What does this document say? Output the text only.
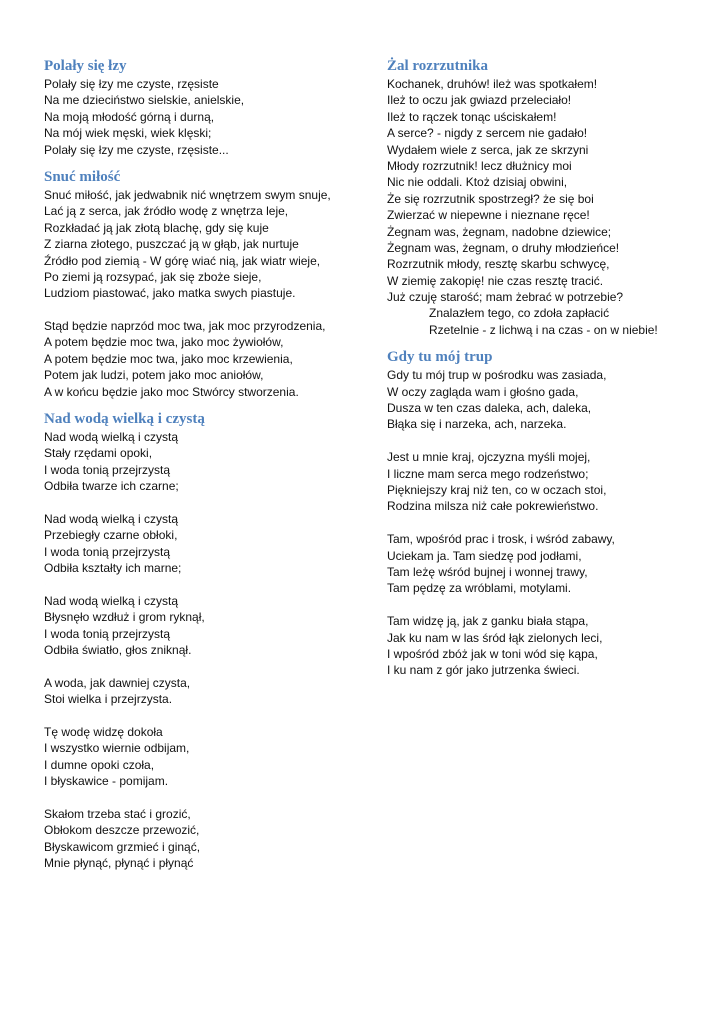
Polały się łzy
Polały się łzy me czyste, rzęsiste
Na me dzieciństwo sielskie, anielskie,
Na moją młodość górną i durną,
Na mój wiek męski, wiek klęski;
Polały się łzy me czyste, rzęsiste...
Snuć miłość
Snuć miłość, jak jedwabnik nić wnętrzem swym snuje,
Lać ją z serca, jak źródło wodę z wnętrza leje,
Rozkładać ją jak złotą blachę, gdy się kuje
Z ziarna złotego, puszczać ją w głąb, jak nurtuje
Źródło pod ziemią - W górę wiać nią, jak wiatr wieje,
Po ziemi ją rozsypać, jak się zboże sieje,
Ludziom piastować, jako matka swych piastuje.
Stąd będzie naprzód moc twa, jak moc przyrodzenia,
A potem będzie moc twa, jako moc żywiołów,
A potem będzie moc twa, jako moc krzewienia,
Potem jak ludzi, potem jako moc aniołów,
A w końcu będzie jako moc Stwórcy stworzenia.
Nad wodą wielką i czystą
Nad wodą wielką i czystą
Stały rzędami opoki,
I woda tonią przejrzystą
Odbiła twarze ich czarne;
Nad wodą wielką i czystą
Przebiegły czarne obłoki,
I woda tonią przejrzystą
Odbiła kształty ich marne;
Nad wodą wielką i czystą
Błysnęło wzdłuż i grom ryknął,
I woda tonią przejrzystą
Odbiła światło, głos zniknął.
A woda, jak dawniej czysta,
Stoi wielka i przejrzysta.
Tę wodę widzę dokoła
I wszystko wiernie odbijam,
I dumne opoki czoła,
I błyskawice - pomijam.
Skałom trzeba stać i grozić,
Obłokom deszcze przewozić,
Błyskawicom grzmieć i ginąć,
Mnie płynąć, płynąć i płynąć
Żal rozrzutnika
Kochanek, druhów! ileż was spotkałem!
Ileż to oczu jak gwiazd przeleciało!
Ileż to rączek tonąc uściskałem!
A serce? - nigdy z sercem nie gadało!
Wydałem wiele z serca, jak ze skrzyni
Młody rozrzutnik! lecz dłużnicy moi
Nic nie oddali. Ktoż dzisiaj obwini,
Że się rozrzutnik spostrzegł? że się boi
Zwierzać w niepewne i nieznane ręce!
Żegnam was, żegnam, nadobne dziewice;
Żegnam was, żegnam, o druhy młodzieńce!
Rozrzutnik młody, resztę skarbu schwycę,
W ziemię zakopię! nie czas resztę tracić.
Już czuję starość; mam żebrać w potrzebie?
Znalazłem tego, co zdoła zapłacić
Rzetelnie - z lichwą i na czas - on w niebie!
Gdy tu mój trup
Gdy tu mój trup w pośrodku was zasiada,
W oczy zagląda wam i głośno gada,
Dusza w ten czas daleka, ach, daleka,
Błąka się i narzeka, ach, narzeka.
Jest u mnie kraj, ojczyzna myśli mojej,
I liczne mam serca mego rodzeństwo;
Piękniejszy kraj niż ten, co w oczach stoi,
Rodzina milsza niż całe pokrewieństwo.
Tam, wpośród prac i trosk, i wśród zabawy,
Uciekam ja. Tam siedzę pod jodłami,
Tam leżę wśród bujnej i wonnej trawy,
Tam pędzę za wróblami, motylami.
Tam widzę ją, jak z ganku biała stąpa,
Jak ku nam w las śród łąk zielonych leci,
I wpośród zbóż jak w toni wód się kąpa,
I ku nam z gór jako jutrzenka świeci.
